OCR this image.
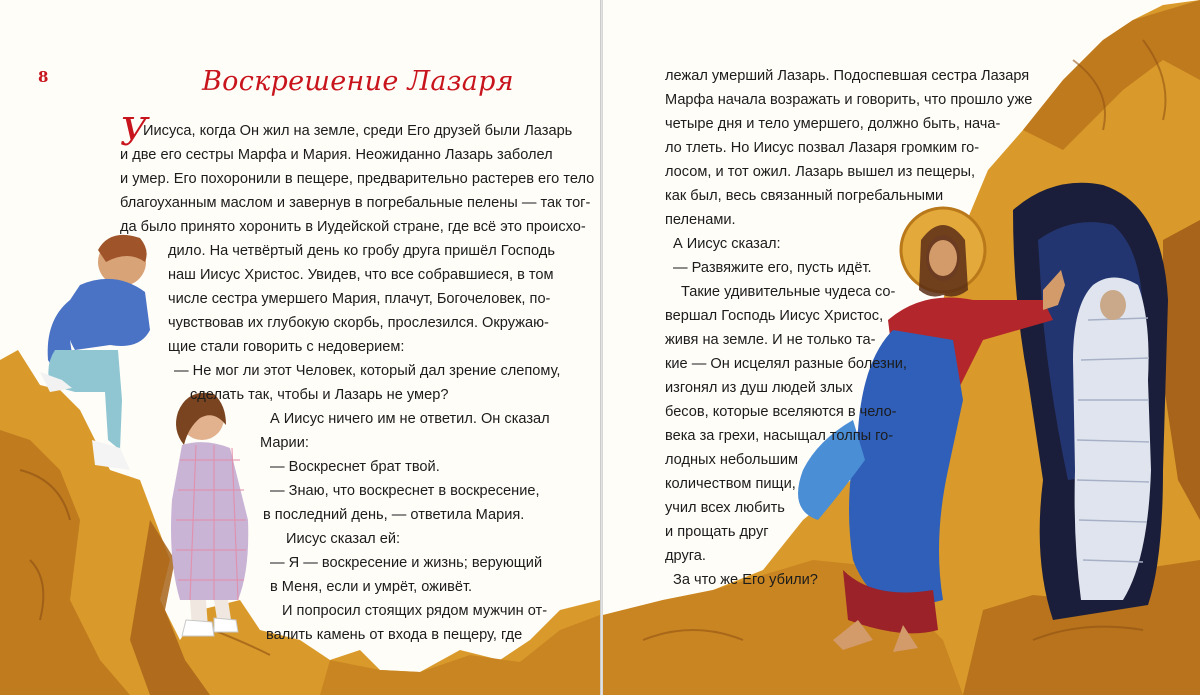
8	Воскрешение Лазаря
У
Иисуса, когда Он жил на земле, среди Его друзей были Лазарь
и две его сестры Марфа и Мария. Неожиданно Лазарь заболел
и умер. Его похоронили в пещере, предварительно растерев его тело
благоуханным маслом и завернув в погребальные пелены — так тог-
да было принято хоронить в Иудейской стране, где всё это происхо-
дило. На четвёртый день ко гробу друга пришёл Господь
наш Иисус Христос. Увидев, что все собравшиеся, в том
числе сестра умершего Мария, плачут, Богочеловек, по-
чувствовав их глубокую скорбь, прослезился. Окружаю-
щие стали говорить с недоверием:
— Не мог ли этот Человек, который дал зрение слепому,
сделать так, чтобы и Лазарь не умер?
А Иисус ничего им не ответил. Он сказал
Марии:
— Воскреснет брат твой.
— Знаю, что воскреснет в воскресение,
в последний день, — ответила Мария.
Иисус сказал ей:
— Я — воскресение и жизнь; верующий
в Меня, если и умрёт, оживёт.
И попросил стоящих рядом мужчин от-
валить камень от входа в пещеру, где
лежал умерший Лазарь. Подоспевшая сестра Лазаря
Марфа начала возражать и говорить, что прошло уже
четыре дня и тело умершего, должно быть, нача-
ло тлеть. Но Иисус позвал Лазаря громким го-
лосом, и тот ожил. Лазарь вышел из пещеры,
как был, весь связанный погребальными
пеленами.
А Иисус сказал:
— Развяжите его, пусть идёт.
Такие удивительные чудеса со-
вершал Господь Иисус Христос,
живя на земле. И не только та-
кие — Он исцелял разные болезни,
изгонял из душ людей злых
бесов, которые вселяются в чело-
века за грехи, насыщал толпы го-
лодных небольшим
количеством пищи,
учил всех любить
и прощать друг
друга.
За что же Его убили?
